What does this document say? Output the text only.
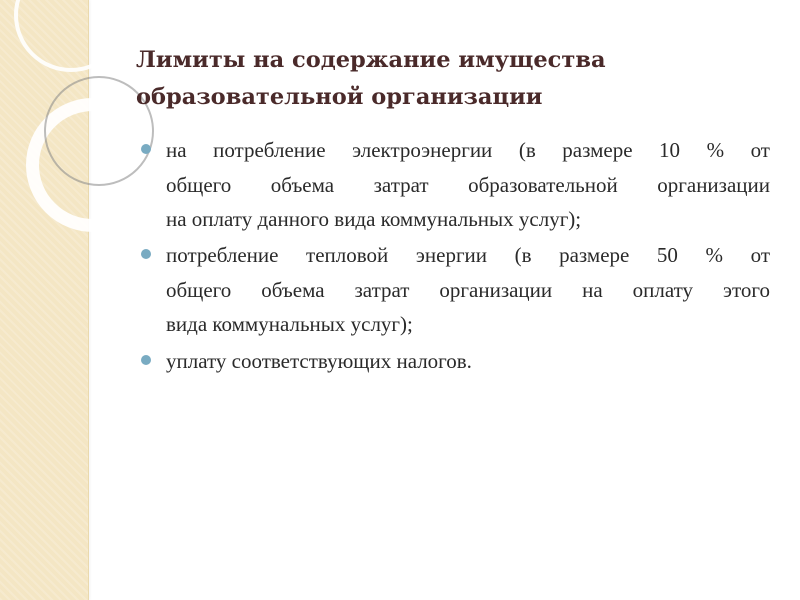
Лимиты на содержание имущества
образовательной организации
на потребление электроэнергии (в размере 10 % от
общего объема затрат образовательной организации
на оплату данного вида коммунальных услуг);
потребление тепловой энергии (в размере 50 % от
общего объема затрат организации на оплату этого
вида коммунальных услуг);
уплату соответствующих налогов.
